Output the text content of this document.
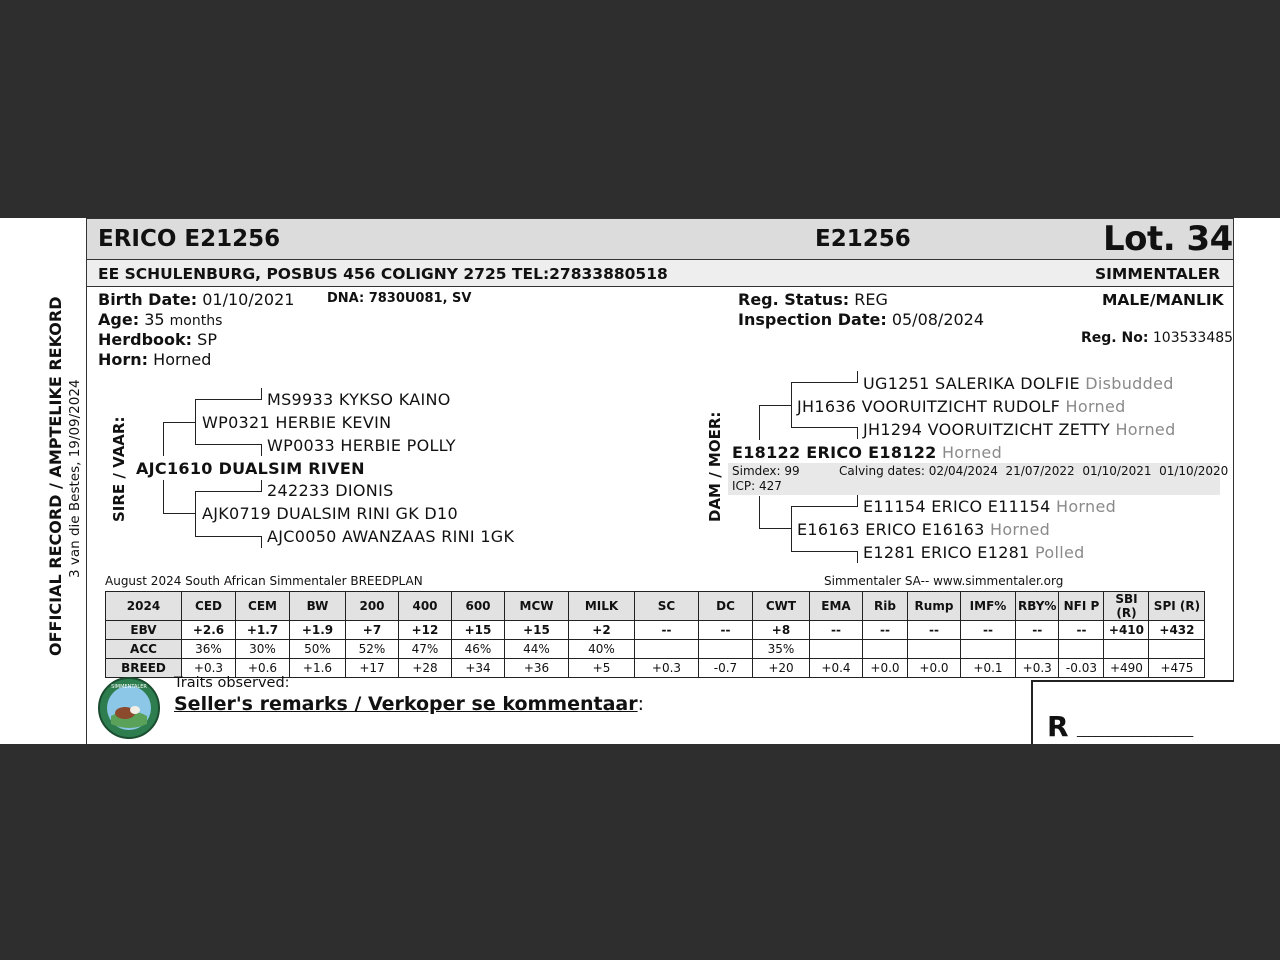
ERICO E21256	E21256	Lot. 34
EE SCHULENBURG, POSBUS 456 COLIGNY 2725 TEL:27833880518	SIMMENTALER
OFFICIAL RECORD / AMPTELIKE REKORD 3 van die Bestes, 19/09/2024
Birth Date: 01/10/2021	DNA: 7830U081, SV
Age: 35 months
Herdbook: SP
Horn: Horned
Reg. Status: REG
Inspection Date: 05/08/2024
MALE/MANLIK
Reg. No: 103533485
SIRE / VAAR:
MS9933 KYKSO KAINO
WP0321 HERBIE KEVIN
WP0033 HERBIE POLLY
AJC1610 DUALSIM RIVEN
242233 DIONIS
AJK0719 DUALSIM RINI GK D10
AJC0050 AWANZAAS RINI 1GK
DAM / MOER:
UG1251 SALERIKA DOLFIE Disbudded
JH1636 VOORUITZICHT RUDOLF Horned
JH1294 VOORUITZICHT ZETTY Horned
E18122 ERICO E18122 Horned
Simdex: 99
ICP: 427
Calving dates: 02/04/2024  21/07/2022  01/10/2021  01/10/2020
E11154 ERICO E11154 Horned
E16163 ERICO E16163 Horned
E1281 ERICO E1281 Polled
August 2024 South African Simmentaler BREEDPLAN	Simmentaler SA-- www.simmentaler.org
2024	CED	CEM	BW	200	400	600	MCW	MILK	SC	DC	CWT	EMA	Rib	Rump	IMF%	RBY%	NFI P	SBI (R)	SPI (R)
EBV	+2.6	+1.7	+1.9	+7	+12	+15	+15	+2	--	--	+8	--	--	--	--	--	--	+410	+432
ACC	36%	30%	50%	52%	47%	46%	44%	40%			35%								
BREED	+0.3	+0.6	+1.6	+17	+28	+34	+36	+5	+0.3	-0.7	+20	+0.4	+0.0	+0.0	+0.1	+0.3	-0.03	+490	+475
SIMMENTALER Traits observed:
Seller's remarks / Verkoper se kommentaar:
R ___________________
